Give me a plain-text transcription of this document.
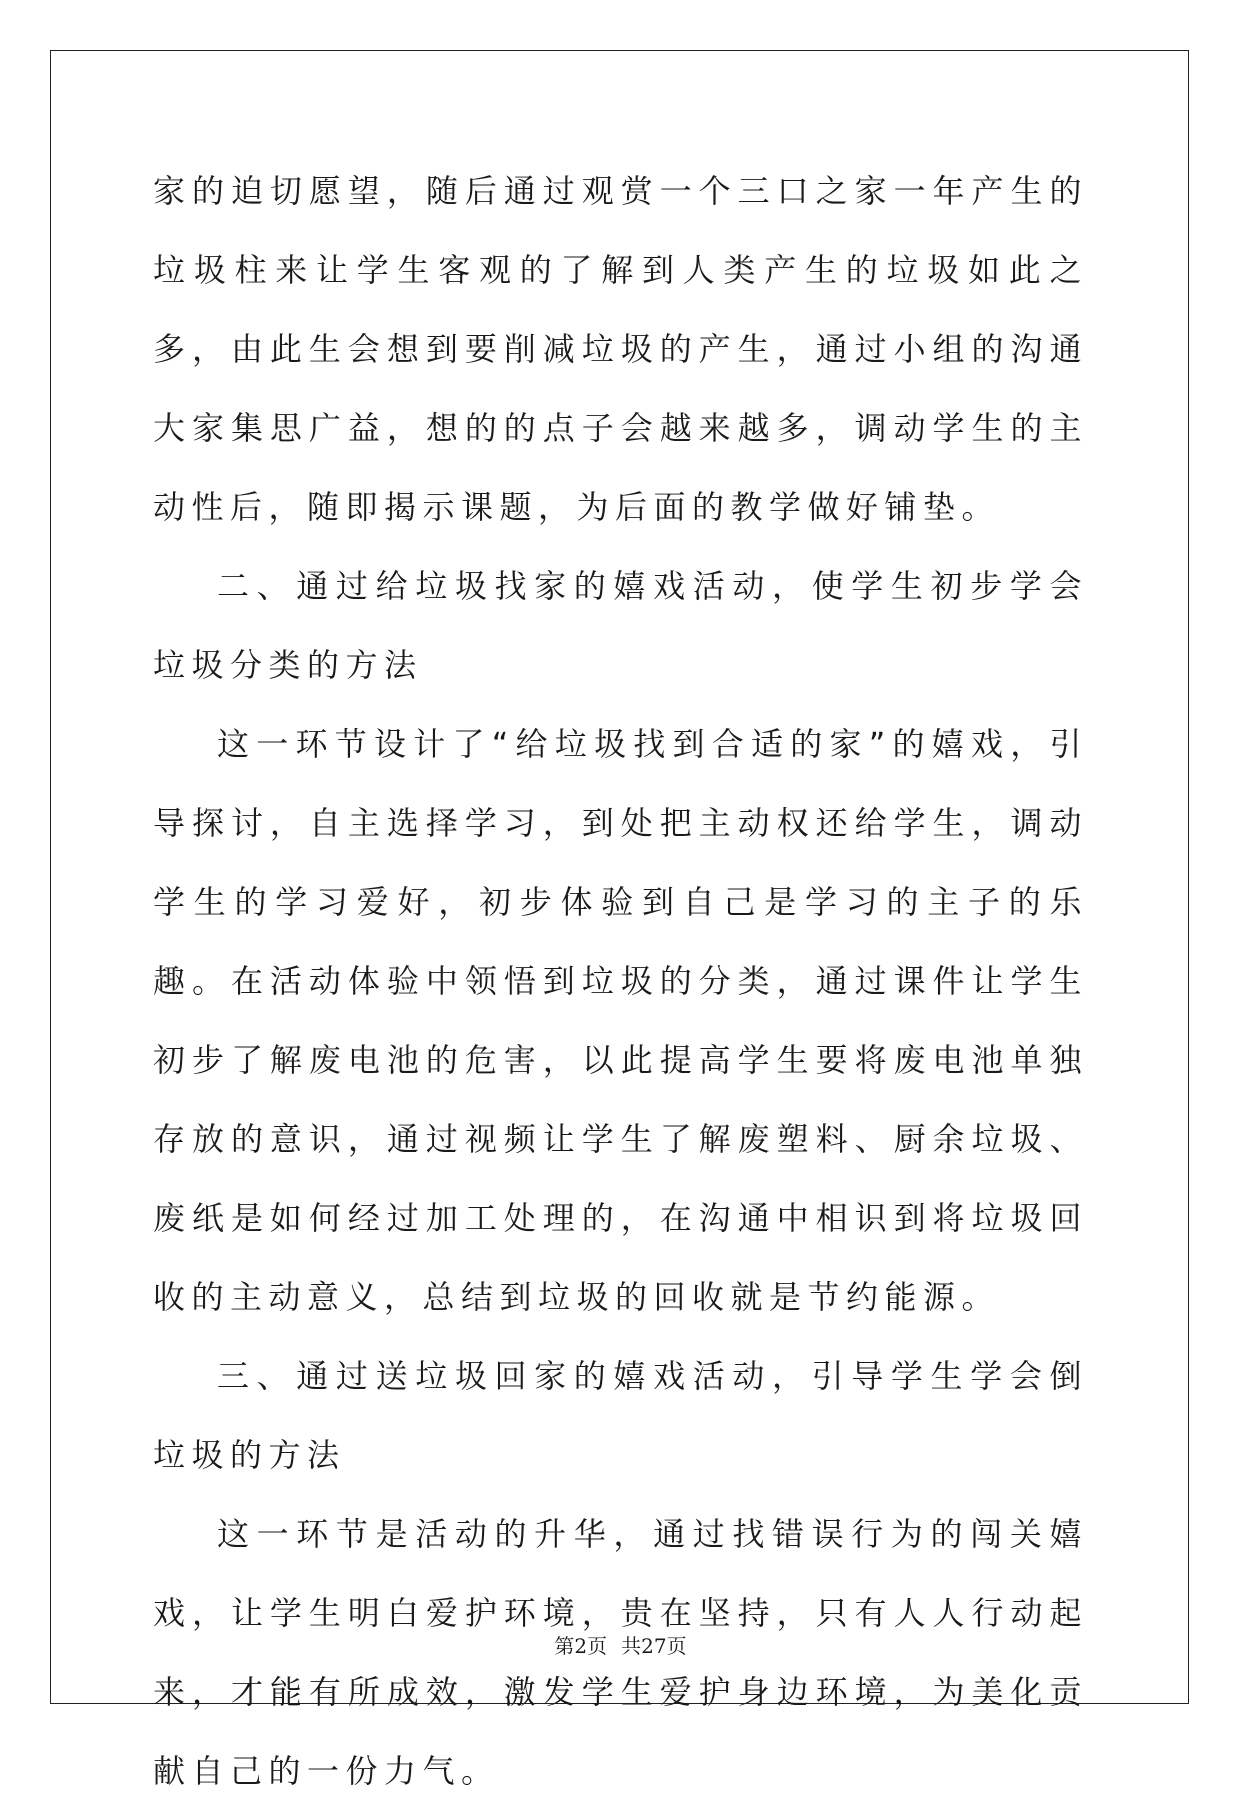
家的迫切愿望，随后通过观赏一个三口之家一年产生的垃圾柱来让学生客观的了解到人类产生的垃圾如此之多，由此生会想到要削减垃圾的产生，通过小组的沟通大家集思广益，想的的点子会越来越多，调动学生的主动性后，随即揭示课题，为后面的教学做好铺垫。

二、通过给垃圾找家的嬉戏活动，使学生初步学会垃圾分类的方法

这一环节设计了“给垃圾找到合适的家”的嬉戏，引导探讨，自主选择学习，到处把主动权还给学生，调动学生的学习爱好，初步体验到自己是学习的主子的乐趣。在活动体验中领悟到垃圾的分类，通过课件让学生初步了解废电池的危害，以此提高学生要将废电池单独存放的意识，通过视频让学生了解废塑料、厨余垃圾、废纸是如何经过加工处理的，在沟通中相识到将垃圾回收的主动意义，总结到垃圾的回收就是节约能源。

三、通过送垃圾回家的嬉戏活动，引导学生学会倒垃圾的方法

这一环节是活动的升华，通过找错误行为的闯关嬉戏，让学生明白爱护环境，贵在坚持，只有人人行动起来，才能有所成效，激发学生爱护身边环境，为美化贡献自己的一份力气。

第2页 共27页
